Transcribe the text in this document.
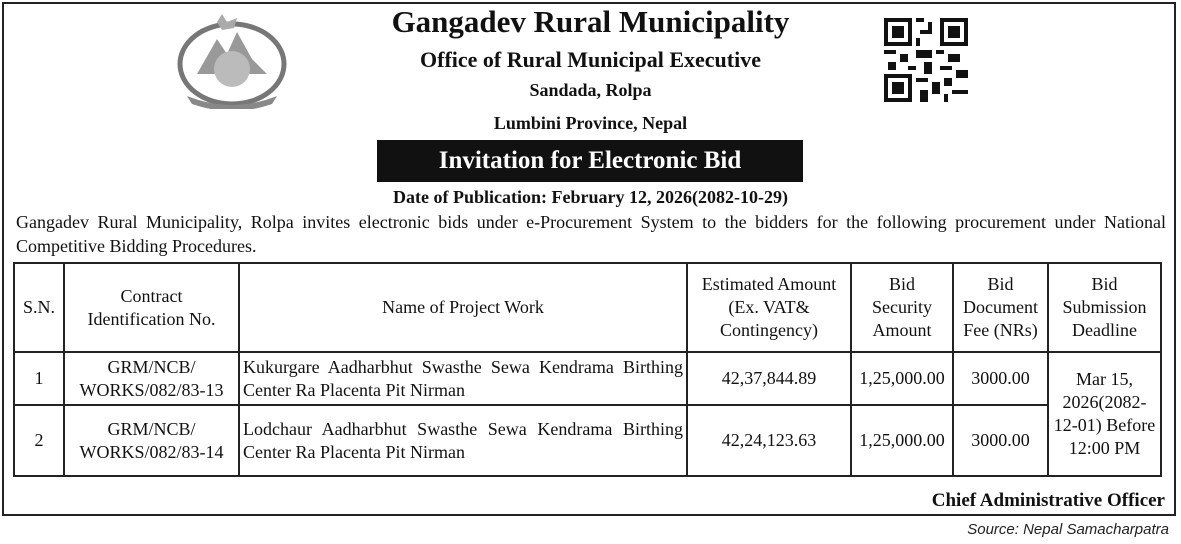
Gangadev Rural Municipality
Office of Rural Municipal Executive
Sandada, Rolpa
Lumbini Province, Nepal
Invitation for Electronic Bid
Date of Publication: February 12, 2026(2082-10-29)
Gangadev Rural Municipality, Rolpa invites electronic bids under e-Procurement System to the bidders for the following procurement under National Competitive Bidding Procedures.
S.N.	Contract Identification No.	Name of Project Work	Estimated Amount (Ex. VAT& Contingency)	Bid Security Amount	Bid Document Fee (NRs)	Bid Submission Deadline
1	GRM/NCB/ WORKS/082/83-13	Kukurgare Aadharbhut Swasthe Sewa Kendrama Birthing Center Ra Placenta Pit Nirman	42,37,844.89	1,25,000.00	3000.00	Mar 15, 2026(2082-12-01) Before 12:00 PM
2	GRM/NCB/ WORKS/082/83-14	Lodchaur Aadharbhut Swasthe Sewa Kendrama Birthing Center Ra Placenta Pit Nirman	42,24,123.63	1,25,000.00	3000.00	
Chief Administrative Officer
Source: Nepal Samacharpatra
